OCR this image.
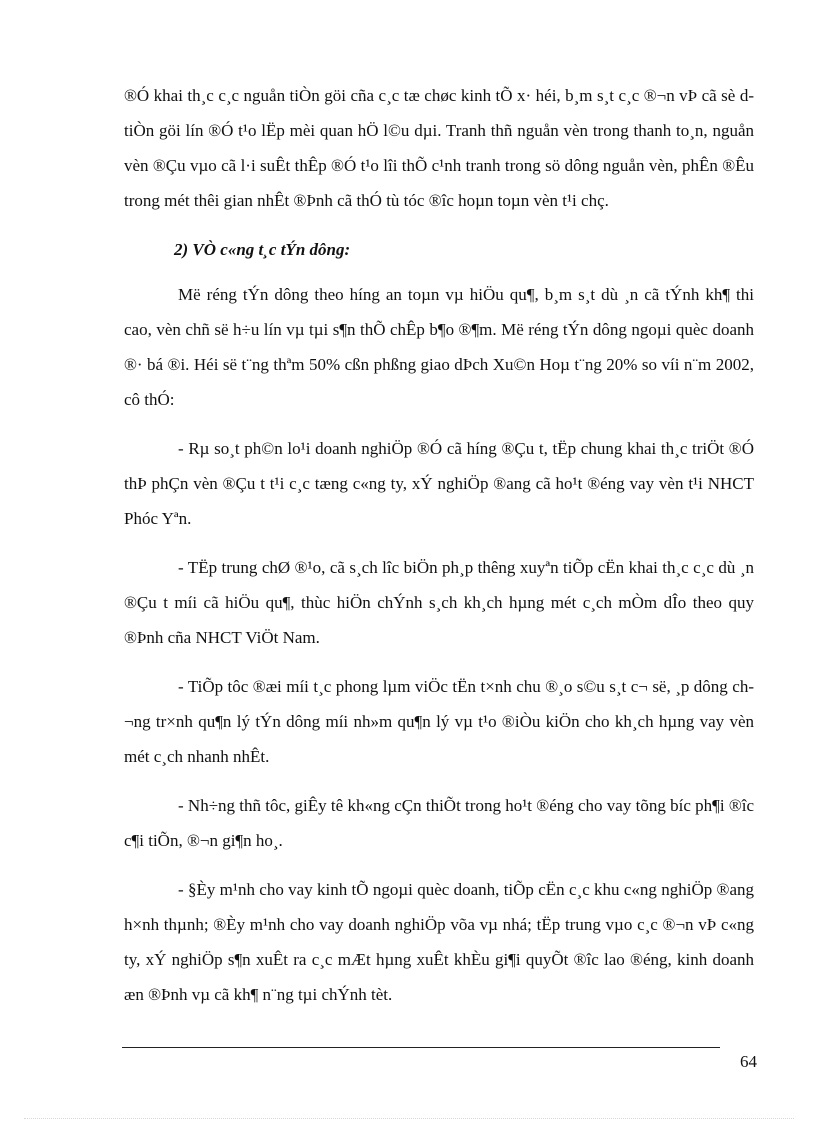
®Ó khai th¸c c¸c nguån tiÒn göi cña c¸c tæ chøc kinh tÕ x· héi, b¸m s¸t c¸c ®¬n vÞ cã sè d tiÒn göi lín ®Ó t¹o lËp mèi quan hÖ l©u dµi. Tranh thñ nguån vèn trong thanh to¸n, nguån vèn ®Çu vµo cã l·i suÊt thÊp ®Ó t¹o lîi thÕ c¹nh tranh trong sö dông nguån vèn, phÊn ®Êu trong mét thêi gian nhÊt ®Þnh cã thÓ tù tóc ®îc hoµn toµn vèn t¹i chç.

2) VÒ c«ng t¸c tÝn dông:

Më réng tÝn dông theo híng an toµn vµ hiÖu qu¶, b¸m s¸t dù ¸n cã tÝnh kh¶ thi cao, vèn chñ së h÷u lín vµ tµi s¶n thÕ chÊp b¶o ®¶m. Më réng tÝn dông ngoµi quèc doanh ®· bá ®i. Héi së t¨ng thªm 50% cßn phßng giao dÞch Xu©n Hoµ t¨ng 20% so víi n¨m 2002, cô thÓ:

- Rµ so¸t ph©n lo¹i doanh nghiÖp ®Ó cã híng ®Çu t, tËp chung khai th¸c triÖt ®Ó thÞ phÇn vèn ®Çu t t¹i c¸c tæng c«ng ty, xÝ nghiÖp ®ang cã ho¹t ®éng vay vèn t¹i NHCT Phóc Yªn.

- TËp trung chØ ®¹o, cã s¸ch lîc biÖn ph¸p thêng xuyªn tiÕp cËn khai th¸c c¸c dù ¸n ®Çu t míi cã hiÖu qu¶, thùc hiÖn chÝnh s¸ch kh¸ch hµng mét c¸ch mÒm dÎo theo quy ®Þnh cña NHCT ViÖt Nam.

- TiÕp tôc ®æi míi t¸c phong lµm viÖc tËn t×nh chu ®¸o s©u s¸t c¬ së, ¸p dông ch¬ng tr×nh qu¶n lý tÝn dông míi nh»m qu¶n lý vµ t¹o ®iÒu kiÖn cho kh¸ch hµng vay vèn mét c¸ch nhanh nhÊt.

- Nh÷ng thñ tôc, giÊy tê kh«ng cÇn thiÕt trong ho¹t ®éng cho vay tõng bíc ph¶i ®îc c¶i tiÕn, ®¬n gi¶n ho¸.

- §Èy m¹nh cho vay kinh tÕ ngoµi quèc doanh, tiÕp cËn c¸c khu c«ng nghiÖp ®ang h×nh thµnh; ®Èy m¹nh cho vay doanh nghiÖp võa vµ nhá; tËp trung vµo c¸c ®¬n vÞ c«ng ty, xÝ nghiÖp s¶n xuÊt ra c¸c mÆt hµng xuÊt khÈu gi¶i quyÕt ®îc lao ®éng, kinh doanh æn ®Þnh vµ cã kh¶ n¨ng tµi chÝnh tèt.

64
